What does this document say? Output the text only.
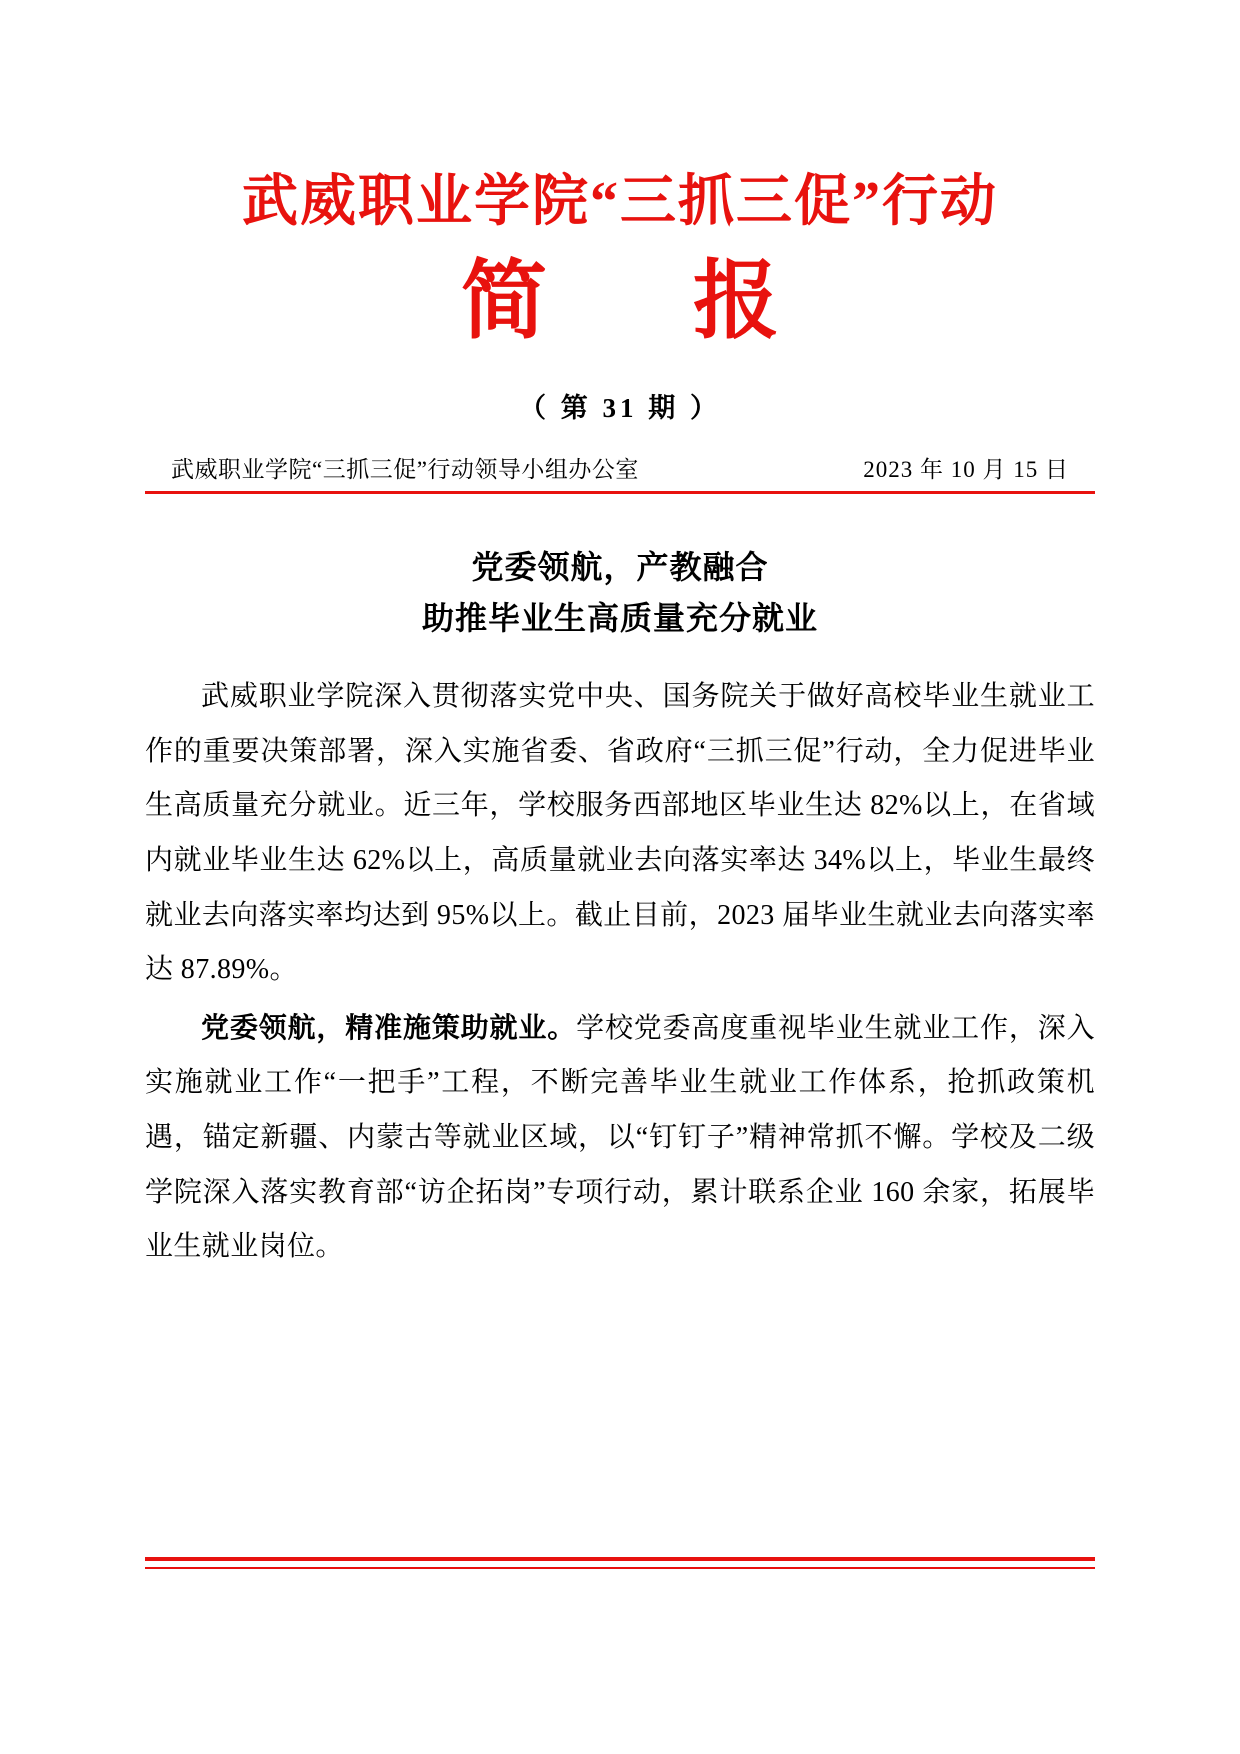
武威职业学院“三抓三促”行动
简　报
（ 第 31 期 ）
武威职业学院“三抓三促”行动领导小组办公室	2023 年 10 月 15 日
党委领航，产教融合
助推毕业生高质量充分就业

武威职业学院深入贯彻落实党中央、国务院关于做好高校毕业生就业工作的重要决策部署，深入实施省委、省政府“三抓三促”行动，全力促进毕业生高质量充分就业。近三年，学校服务西部地区毕业生达 82%以上，在省域内就业毕业生达 62%以上，高质量就业去向落实率达 34%以上，毕业生最终就业去向落实率均达到 95%以上。截止目前，2023 届毕业生就业去向落实率达 87.89%。

党委领航，精准施策助就业。学校党委高度重视毕业生就业工作，深入实施就业工作“一把手”工程，不断完善毕业生就业工作体系，抢抓政策机遇，锚定新疆、内蒙古等就业区域，以“钉钉子”精神常抓不懈。学校及二级学院深入落实教育部“访企拓岗”专项行动，累计联系企业 160 余家，拓展毕业生就业岗位。
